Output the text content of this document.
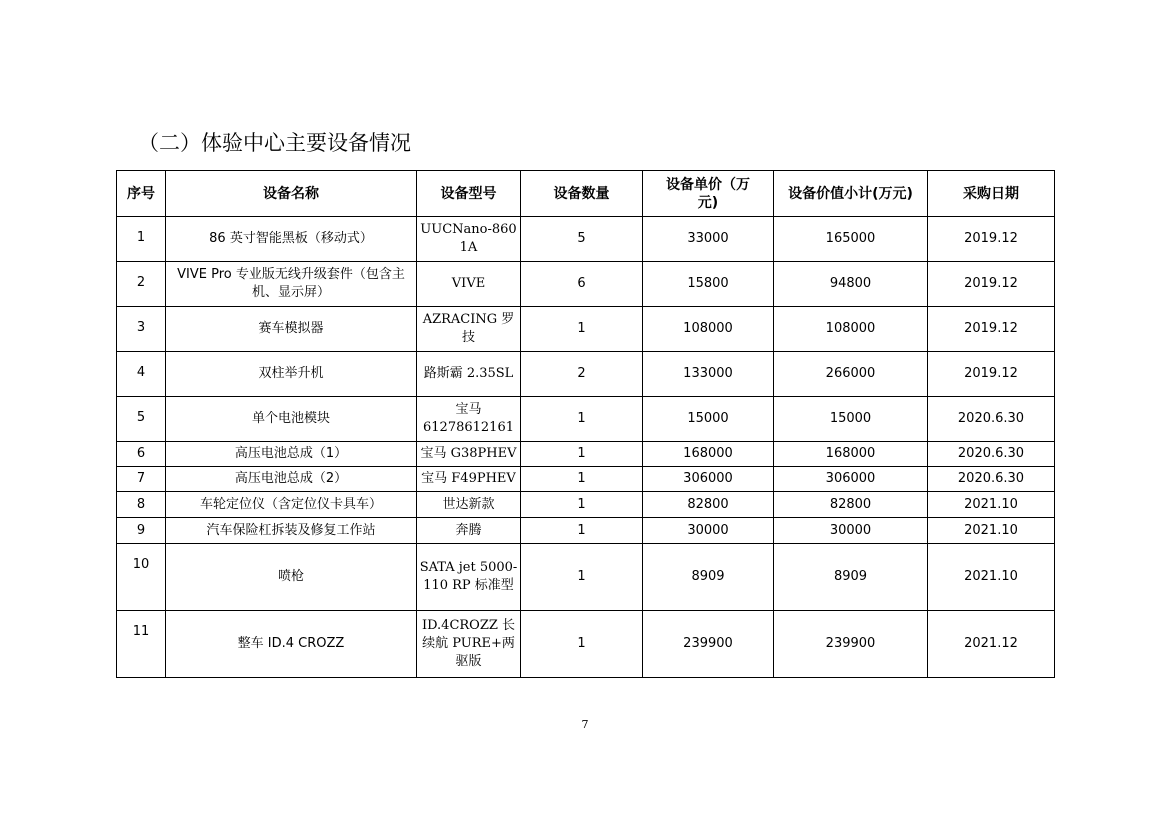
（二）体验中心主要设备情况
序号	设备名称	设备型号	设备数量	设备单价（万元)	设备价值小计(万元)	采购日期
1	86 英寸智能黑板（移动式）	UUCNano-8601A	5	33000	165000	2019.12
2	VIVE Pro 专业版无线升级套件（包含主机、显示屏）	VIVE	6	15800	94800	2019.12
3	赛车模拟器	AZRACING 罗技	1	108000	108000	2019.12
4	双柱举升机	路斯霸 2.35SL	2	133000	266000	2019.12
5	单个电池模块	宝马 61278612161	1	15000	15000	2020.6.30
6	高压电池总成（1）	宝马 G38PHEV	1	168000	168000	2020.6.30
7	高压电池总成（2）	宝马 F49PHEV	1	306000	306000	2020.6.30
8	车轮定位仪（含定位仪卡具车）	世达新款	1	82800	82800	2021.10
9	汽车保险杠拆装及修复工作站	奔腾	1	30000	30000	2021.10
10	喷枪	SATA jet 5000-110 RP 标准型	1	8909	8909	2021.10
11	整车 ID.4 CROZZ	ID.4CROZZ 长续航 PURE+两驱版	1	239900	239900	2021.12
7
